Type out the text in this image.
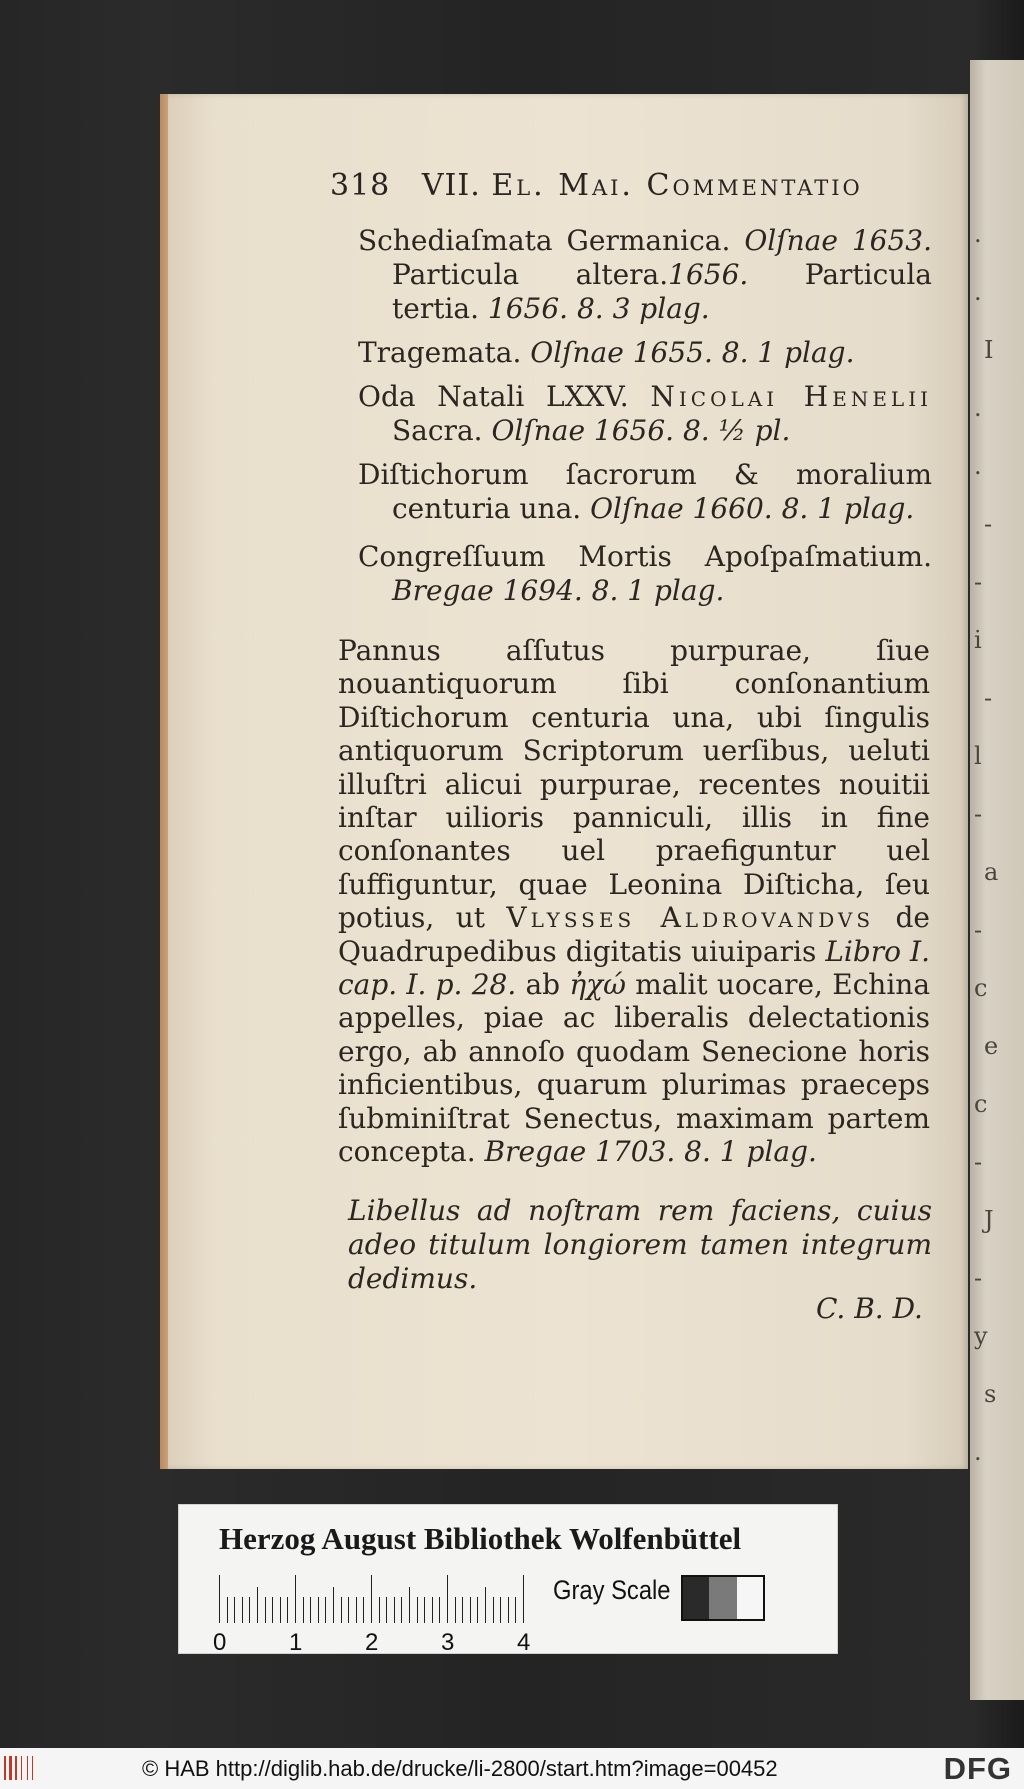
.
.
I
.
.
-
-
i
-
l
-
a
-
c
e
c
-
J
-
y
s
.
318 VII. El. Mai. Commentatio

Schediaſmata Germanica. Olſnae 1653. Particula altera.1656. Particula tertia. 1656. 8. 3 plag.

Tragemata. Olſnae 1655. 8. 1 plag.

Oda Natali LXXV. Nicolai Henelii Sacra. Olſnae 1656. 8. ½ pl.

Diſtichorum ſacrorum & moralium centuria una. Olſnae 1660. 8. 1 plag.

Congreſſuum Mortis Apoſpaſmatium. Bregae 1694. 8. 1 plag.

Pannus aſſutus purpurae, ſiue nouantiquorum ſibi conſonantium Diſtichorum centuria una, ubi ſingulis antiquorum Scriptorum uerſibus, ueluti illuſtri alicui purpurae, recentes nouitii inſtar uilioris panniculi, illis in fine conſonantes uel praefiguntur uel ſuffiguntur, quae Leonina Diſticha, ſeu potius, ut Vlysses Aldrovandvs de Quadrupedibus digitatis uiuiparis Libro I. cap. I. p. 28. ab ἠχώ malit uocare, Echina appelles, piae ac liberalis delectationis ergo, ab annoſo quodam Senecione horis inficientibus, quarum plurimas praeceps ſubminiſtrat Senectus, maximam partem concepta. Bregae 1703. 8. 1 plag.
Libellus ad noſtram rem faciens, cuius adeo titulum longiorem tamen integrum dedimus.
C. B. D.
Herzog August Bibliothek Wolfenbüttel
0	1	2	3	4
Gray Scale
© HAB http://diglib.hab.de/drucke/li-2800/start.htm?image=00452	DFG
